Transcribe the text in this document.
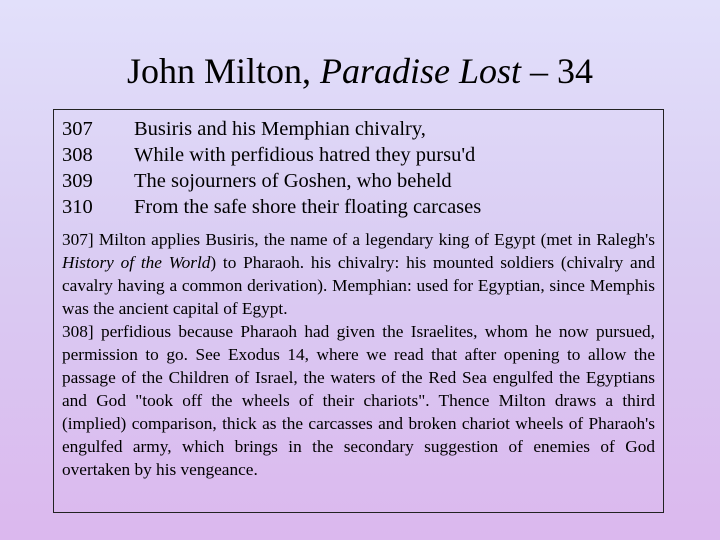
John Milton, Paradise Lost – 34
307	Busiris and his Memphian chivalry,
308	While with perfidious hatred they pursu'd
309	The sojourners of Goshen, who beheld
310	From the safe shore their floating carcases

307] Milton applies Busiris, the name of a legendary king of Egypt (met in Ralegh's History of the World) to Pharaoh. his chivalry: his mounted soldiers (chivalry and cavalry having a common derivation). Memphian: used for Egyptian, since Memphis was the ancient capital of Egypt.

308] perfidious because Pharaoh had given the Israelites, whom he now pursued, permission to go. See Exodus 14, where we read that after opening to allow the passage of the Children of Israel, the waters of the Red Sea engulfed the Egyptians and God "took off the wheels of their chariots". Thence Milton draws a third (implied) comparison, thick as the carcasses and broken chariot wheels of Pharaoh's engulfed army, which brings in the secondary suggestion of enemies of God overtaken by his vengeance.
